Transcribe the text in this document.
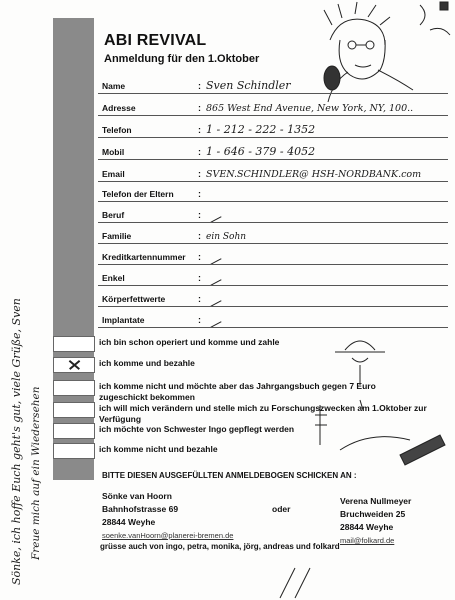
ABI REVIVAL
Anmeldung für den 1.Oktober
Name	: Sven Schindler
Adresse	: 865 West End Avenue, New York, NY, 100..
Telefon	: 1 - 212 - 222 - 1352
Mobil	: 1 - 646 - 379 - 4052
Email	: SVEN.SCHINDLER@ HSH-NORDBANK.com
Telefon der Eltern	:
Beruf	:
Familie	: ein Sohn
Kreditkartennummer :
Enkel	:
Körperfettwerte	:
Implantate	:
ich bin schon operiert und komme und zahle
ich komme und bezahle
ich komme nicht und möchte aber das Jahrgangsbuch gegen 7 Euro zugeschickt bekommen
ich will mich verändern und stelle mich zu Forschungszwecken am 1.Oktober zur Verfügung
ich möchte von Schwester Ingo gepflegt werden
ich komme nicht und bezahle
BITTE DIESEN AUSGEFÜLLTEN ANMELDEBOGEN SCHICKEN AN :
Sönke van Hoorn
Bahnhofstrasse 69
28844 Weyhe
soenke.vanHoorn@planerei-bremen.de
oder
Verena Nullmeyer
Bruchweiden 25
28844 Weyhe
mail@folkard.de
grüsse auch von ingo, petra, monika, jörg, andreas und folkard
Sönke, ich hoffe Euch geht's gut, viele Grüße, Sven Freue mich auf ein Wiedersehen
